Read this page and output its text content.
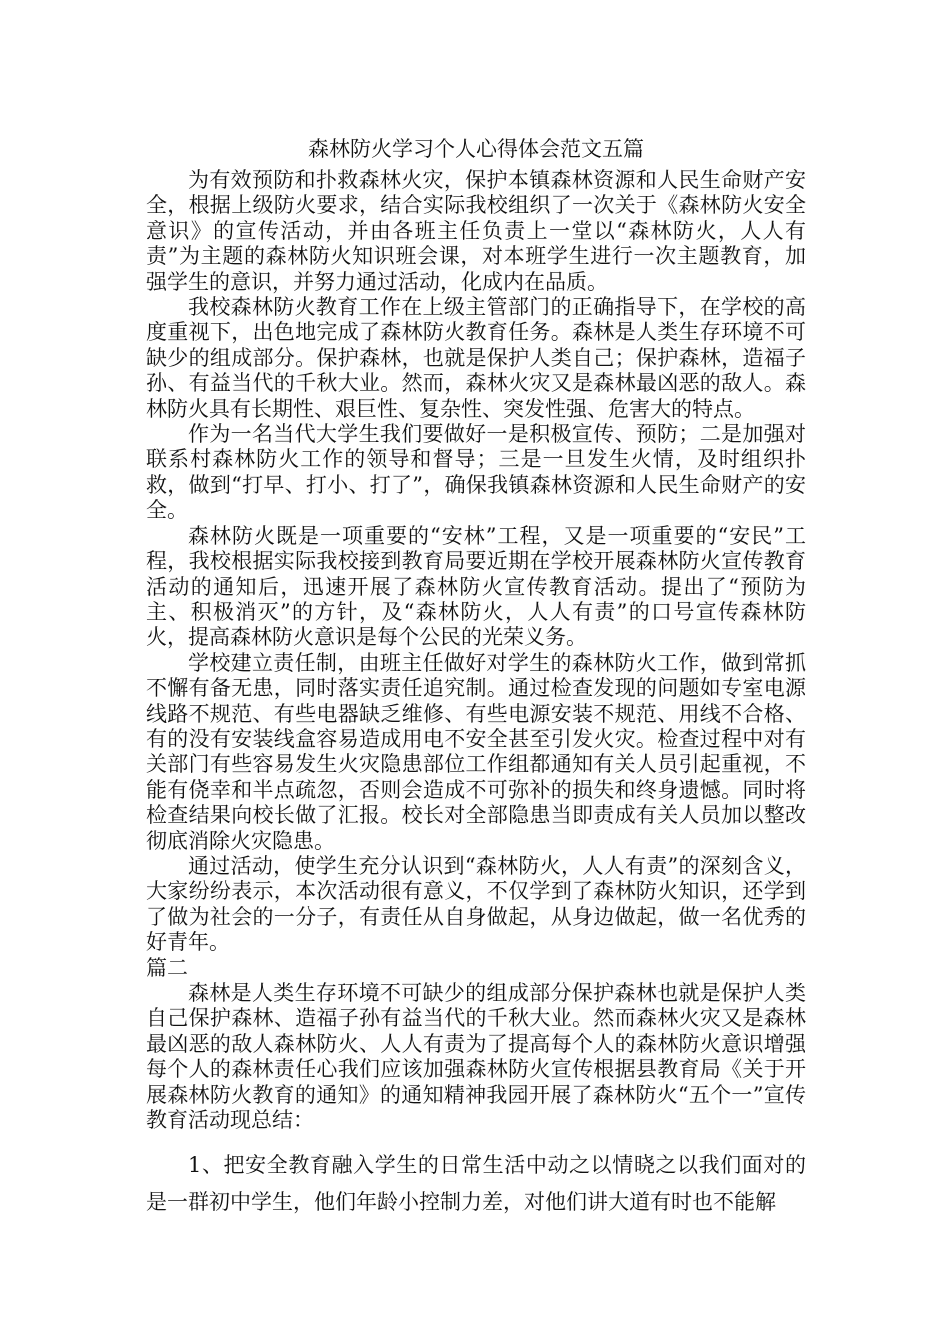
森林防火学习个人心得体会范文五篇

为有效预防和扑救森林火灾，保护本镇森林资源和人民生命财产安全，根据上级防火要求，结合实际我校组织了一次关于《森林防火安全意识》的宣传活动，并由各班主任负责上一堂以“森林防火，人人有责”为主题的森林防火知识班会课，对本班学生进行一次主题教育，加强学生的意识，并努力通过活动，化成内在品质。

我校森林防火教育工作在上级主管部门的正确指导下，在学校的高度重视下，出色地完成了森林防火教育任务。森林是人类生存环境不可缺少的组成部分。保护森林，也就是保护人类自己；保护森林，造福子孙、有益当代的千秋大业。然而，森林火灾又是森林最凶恶的敌人。森林防火具有长期性、艰巨性、复杂性、突发性强、危害大的特点。

作为一名当代大学生我们要做好一是积极宣传、预防；二是加强对联系村森林防火工作的领导和督导；三是一旦发生火情，及时组织扑救，做到“打早、打小、打了”，确保我镇森林资源和人民生命财产的安全。

森林防火既是一项重要的“安林”工程，又是一项重要的“安民”工程，我校根据实际我校接到教育局要近期在学校开展森林防火宣传教育活动的通知后，迅速开展了森林防火宣传教育活动。提出了“预防为主、积极消灭”的方针，及“森林防火，人人有责”的口号宣传森林防火，提高森林防火意识是每个公民的光荣义务。

学校建立责任制，由班主任做好对学生的森林防火工作，做到常抓不懈有备无患，同时落实责任追究制。通过检查发现的问题如专室电源线路不规范、有些电器缺乏维修、有些电源安装不规范、用线不合格、有的没有安装线盒容易造成用电不安全甚至引发火灾。检查过程中对有关部门有些容易发生火灾隐患部位工作组都通知有关人员引起重视，不能有侥幸和半点疏忽，否则会造成不可弥补的损失和终身遗憾。同时将检查结果向校长做了汇报。校长对全部隐患当即责成有关人员加以整改彻底消除火灾隐患。

通过活动，使学生充分认识到“森林防火，人人有责”的深刻含义，大家纷纷表示，本次活动很有意义，不仅学到了森林防火知识，还学到了做为社会的一分子，有责任从自身做起，从身边做起，做一名优秀的好青年。

篇二

森林是人类生存环境不可缺少的组成部分保护森林也就是保护人类自己保护森林、造福子孙有益当代的千秋大业。然而森林火灾又是森林最凶恶的敌人森林防火、人人有责为了提高每个人的森林防火意识增强每个人的森林责任心我们应该加强森林防火宣传根据县教育局《关于开展森林防火教育的通知》的通知精神我园开展了森林防火“五个一”宣传教育活动现总结：

1、把安全教育融入学生的日常生活中动之以情晓之以我们面对的是一群初中学生，他们年龄小控制力差，对他们讲大道有时也不能解
